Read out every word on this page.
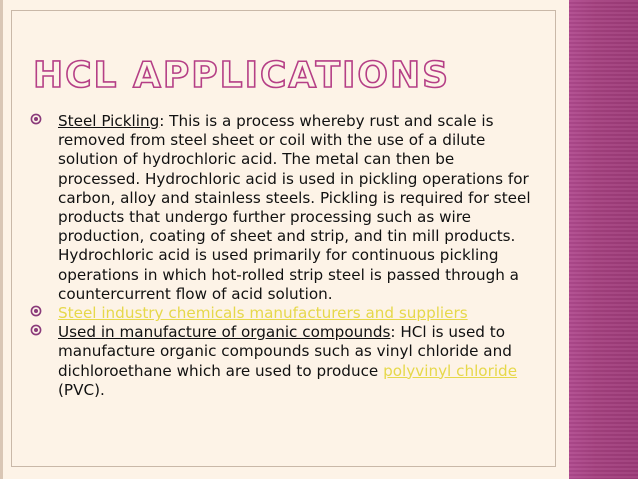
HCL APPLICATIONS
Steel Pickling: This is a process whereby rust and scale is removed from steel sheet or coil with the use of a dilute solution of hydrochloric acid. The metal can then be processed. Hydrochloric acid is used in pickling operations for carbon, alloy and stainless steels. Pickling is required for steel products that undergo further processing such as wire production, coating of sheet and strip, and tin mill products. Hydrochloric acid is used primarily for continuous pickling operations in which hot-rolled strip steel is passed through a countercurrent flow of acid solution.
Steel industry chemicals manufacturers and suppliers
Used in manufacture of organic compounds: HCl is used to manufacture organic compounds such as vinyl chloride and dichloroethane which are used to produce polyvinyl chloride (PVC).
